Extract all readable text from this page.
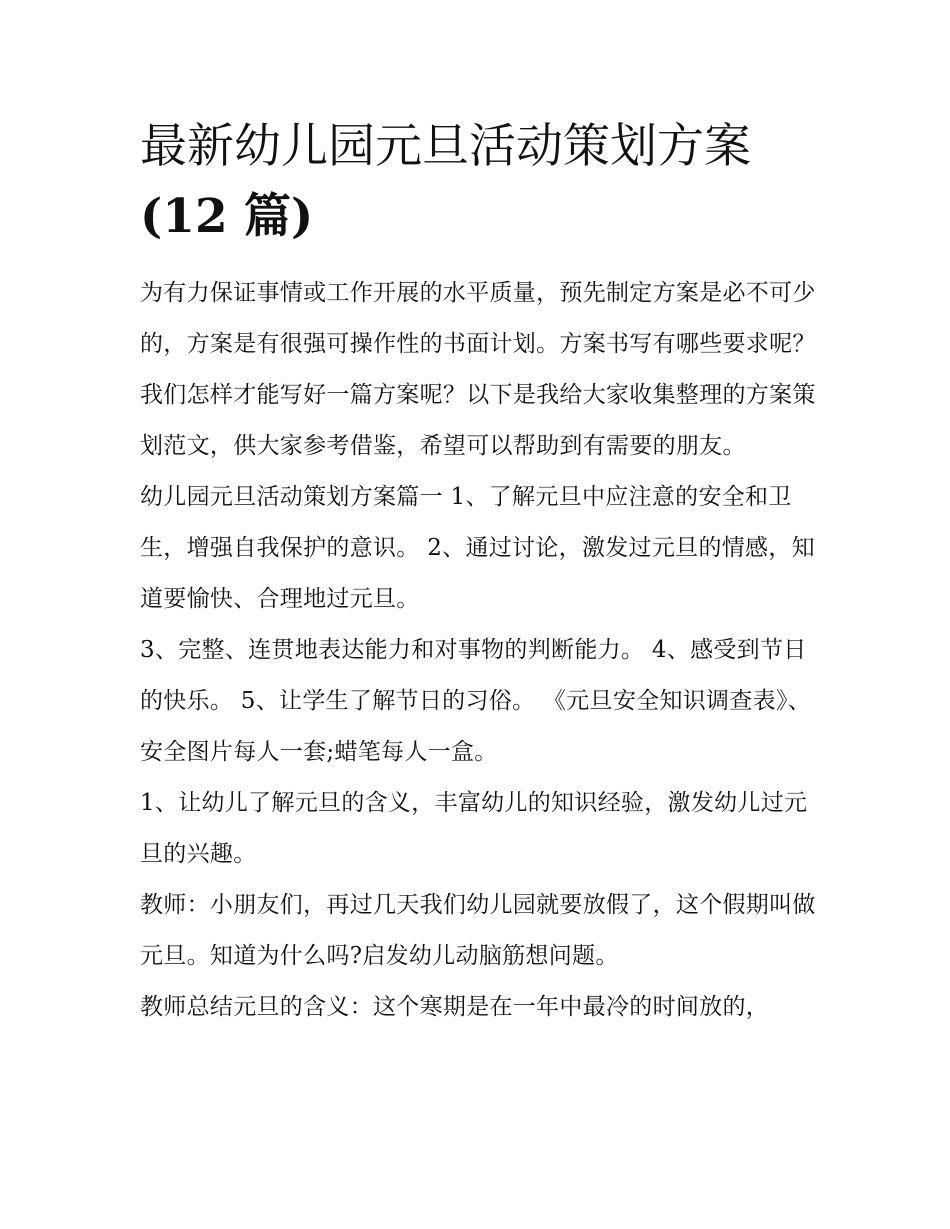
最新幼儿园元旦活动策划方案
(12 篇)

为有力保证事情或工作开展的水平质量，预先制定方案是必不可少的，方案是有很强可操作性的书面计划。方案书写有哪些要求呢？我们怎样才能写好一篇方案呢？以下是我给大家收集整理的方案策划范文，供大家参考借鉴，希望可以帮助到有需要的朋友。

幼儿园元旦活动策划方案篇一 1、了解元旦中应注意的安全和卫生，增强自我保护的意识。 2、通过讨论，激发过元旦的情感，知道要愉快、合理地过元旦。

3、完整、连贯地表达能力和对事物的判断能力。 4、感受到节日的快乐。 5、让学生了解节日的习俗。 《元旦安全知识调查表》、安全图片每人一套;蜡笔每人一盒。

1、让幼儿了解元旦的含义，丰富幼儿的知识经验，激发幼儿过元旦的兴趣。

教师：小朋友们，再过几天我们幼儿园就要放假了，这个假期叫做元旦。知道为什么吗?启发幼儿动脑筋想问题。

教师总结元旦的含义：这个寒期是在一年中最冷的时间放的，
